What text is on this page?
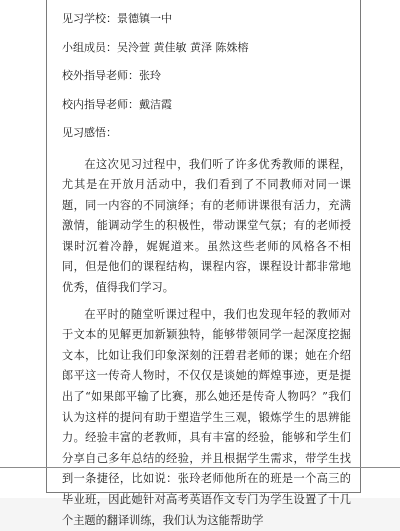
见习学校：景德镇一中
小组成员：吴泠萱 黄佳敏 黄泽 陈姝榕
校外指导老师：张玲
校内指导老师：戴洁霞
见习感悟：

在这次见习过程中，我们听了许多优秀教师的课程，尤其是在开放月活动中，我们看到了不同教师对同一课题，同一内容的不同演绎；有的老师讲课很有活力，充满激情，能调动学生的积极性，带动课堂气氛；有的老师授课时沉着冷静，娓娓道来。虽然这些老师的风格各不相同，但是他们的课程结构，课程内容，课程设计都非常地优秀，值得我们学习。

在平时的随堂听课过程中，我们也发现年轻的教师对于文本的见解更加新颖独特，能够带领同学一起深度挖掘文本，比如让我们印象深刻的汪碧君老师的课；她在介绍郎平这一传奇人物时，不仅仅是谈她的辉煌事迹，更是提出了“如果郎平输了比赛，那么她还是传奇人物吗？”我们认为这样的提问有助于塑造学生三观，锻炼学生的思辨能力。经验丰富的老教师，具有丰富的经验，能够和学生们分享自己多年总结的经验，并且根据学生需求，带学生找到一条捷径，比如说：张玲老师他所在的班是一个高三的毕业班，因此她针对高考英语作文专门为学生设置了十几个主题的翻译训练，我们认为这能帮助学
